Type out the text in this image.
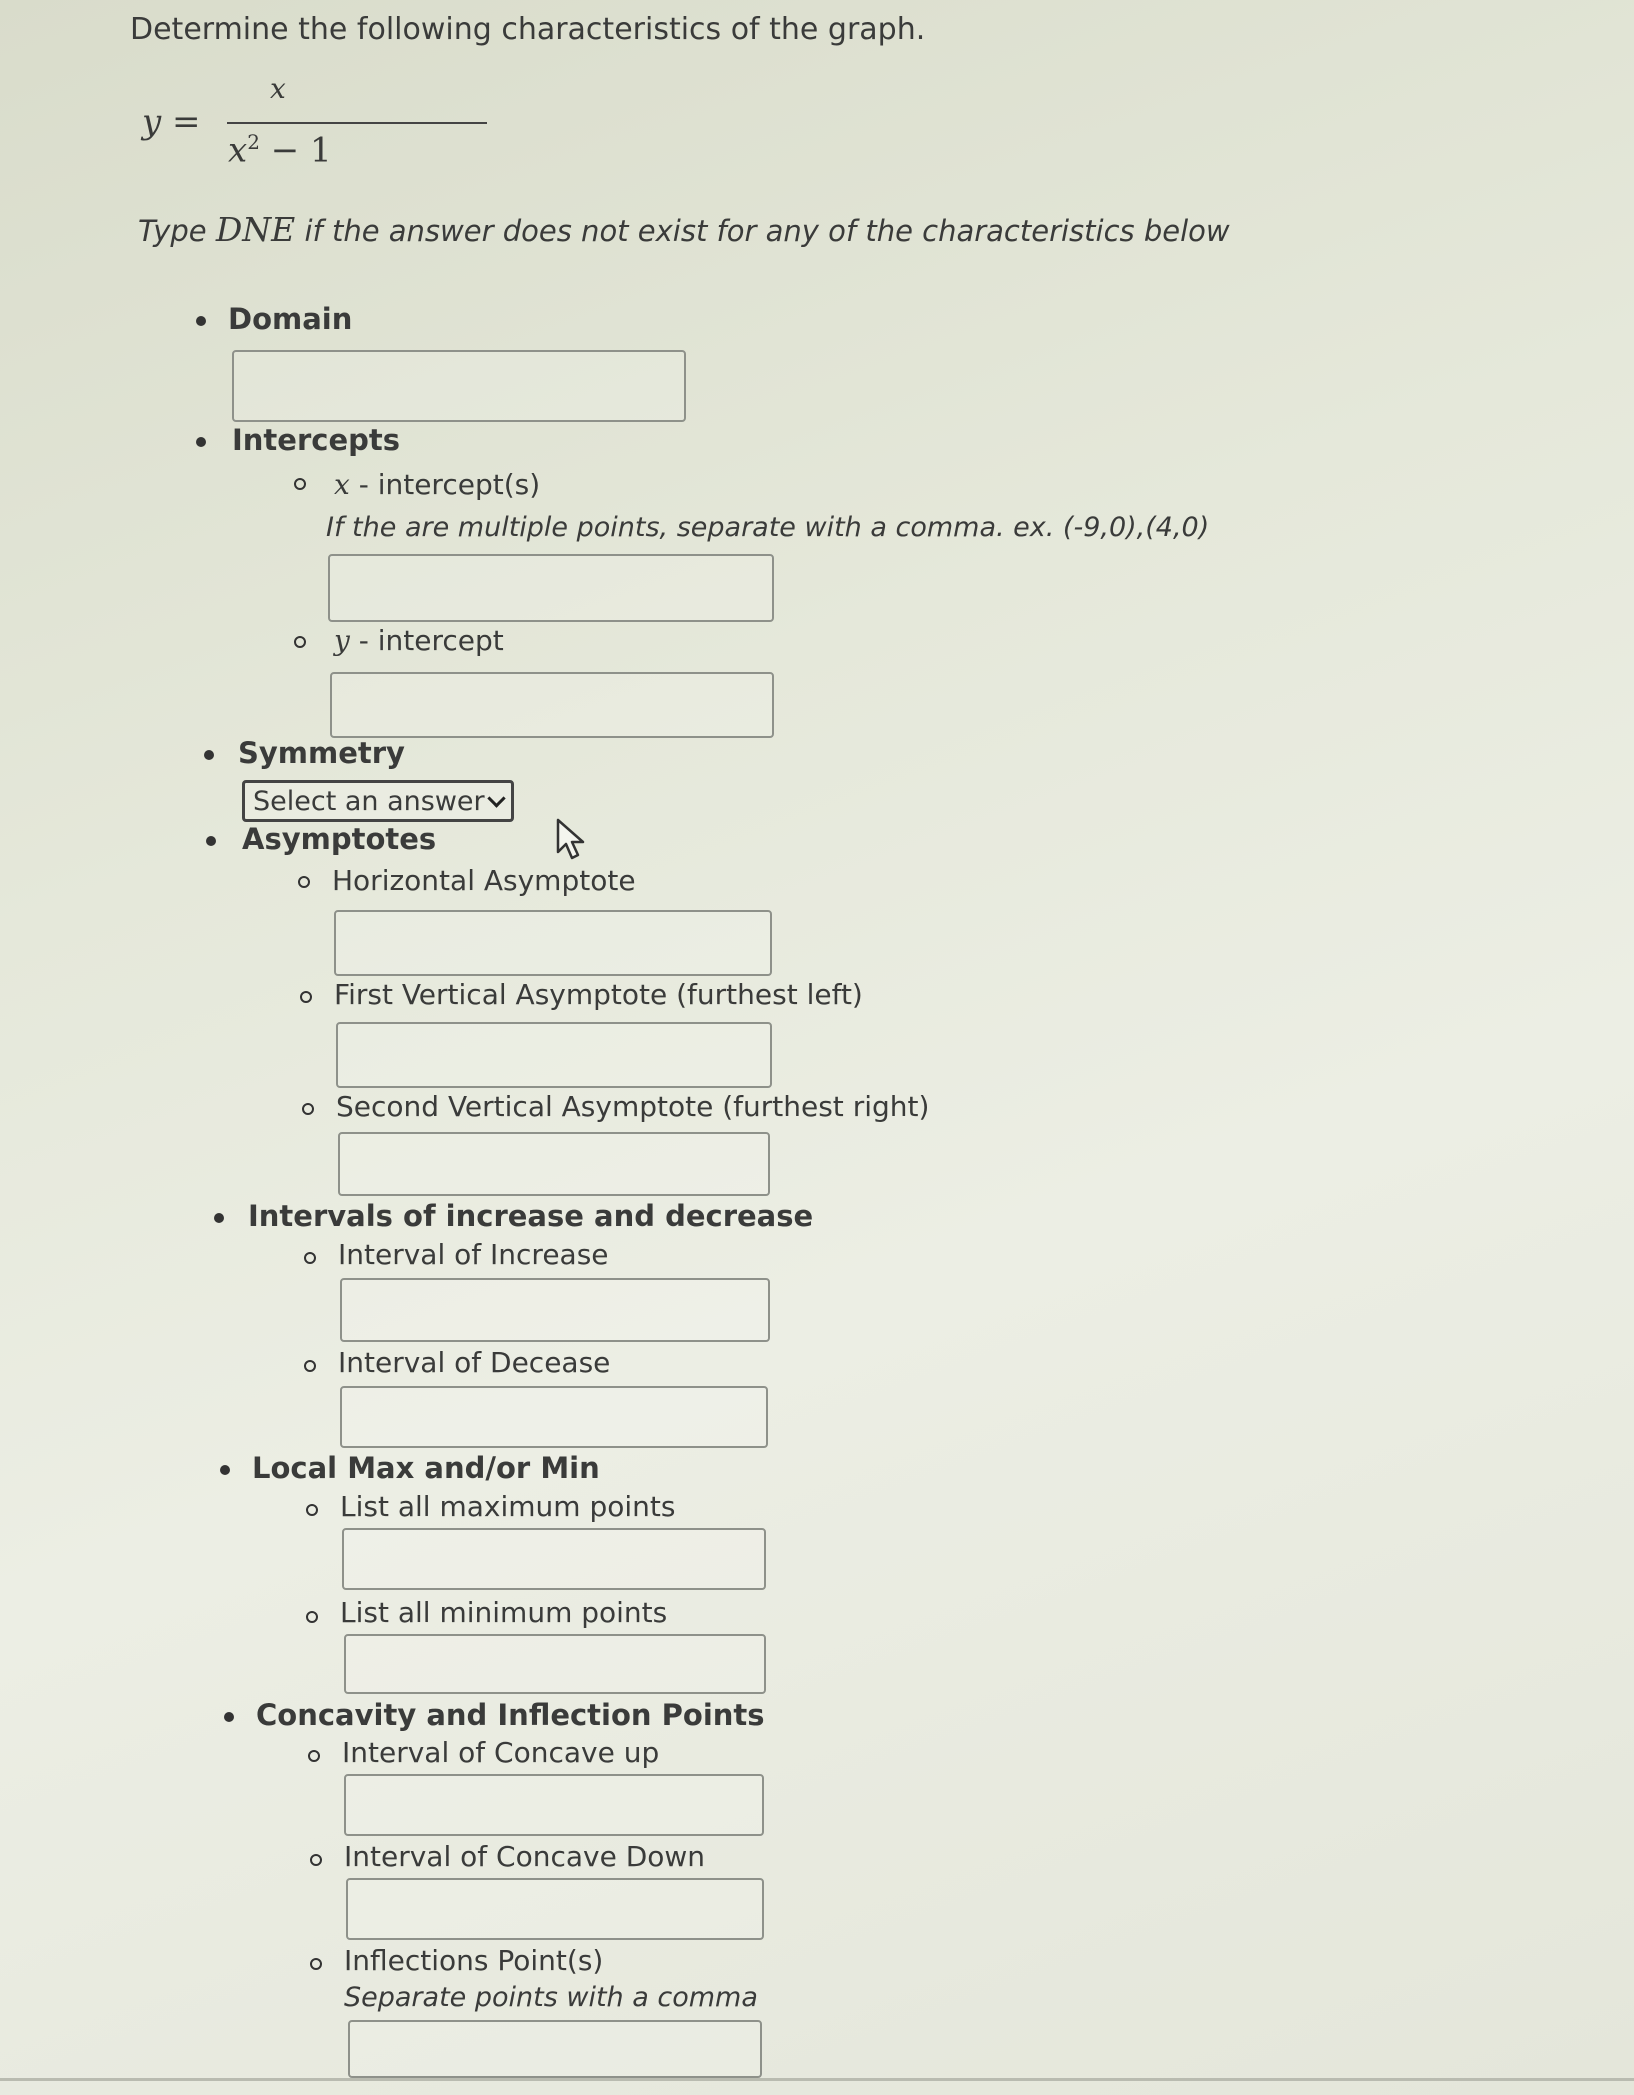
Determine the following characteristics of the graph.
y =
x
$x^2 - 1$
Type DNE if the answer does not exist for any of the characteristics below
Domain
Intercepts
x - intercept(s)
If the are multiple points, separate with a comma. ex. (-9,0),(4,0)
y - intercept
Symmetry
Select an answer
Asymptotes
Horizontal Asymptote
First Vertical Asymptote (furthest left)
Second Vertical Asymptote (furthest right)
Intervals of increase and decrease
Interval of Increase
Interval of Decease
Local Max and/or Min
List all maximum points
List all minimum points
Concavity and Inflection Points
Interval of Concave up
Interval of Concave Down
Inflections Point(s)
Separate points with a comma
